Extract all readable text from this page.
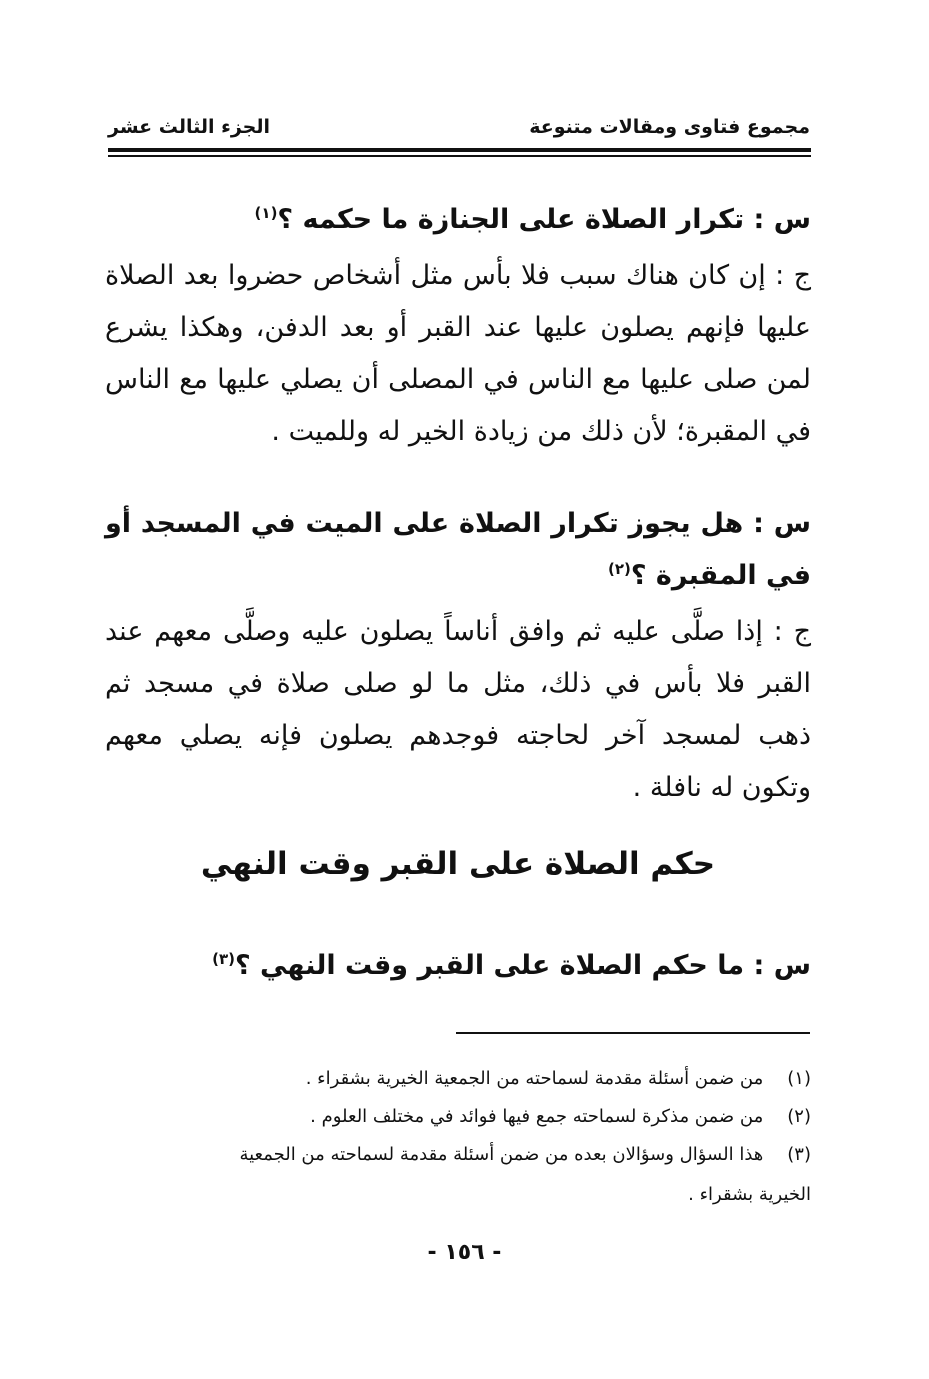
مجموع فتاوى ومقالات متنوعة
الجزء الثالث عشر
س : تكرار الصلاة على الجنازة ما حكمه ؟$^{(١)}$
ج : إن كان هناك سبب فلا بأس مثل أشخاص حضروا بعد الصلاة عليها فإنهم يصلون عليها عند القبر أو بعد الدفن، وهكذا يشرع لمن صلى عليها مع الناس في المصلى أن يصلي عليها مع الناس في المقبرة؛ لأن ذلك من زيادة الخير له وللميت .
س : هل يجوز تكرار الصلاة على الميت في المسجد أو في المقبرة ؟$^{(٢)}$
ج : إذا صلَّى عليه ثم وافق أناساً يصلون عليه وصلَّى معهم عند القبر فلا بأس في ذلك، مثل ما لو صلى صلاة في مسجد ثم ذهب لمسجد آخر لحاجته فوجدهم يصلون فإنه يصلي معهم وتكون له نافلة .
حكم الصلاة على القبر وقت النهي
س : ما حكم الصلاة على القبر وقت النهي ؟$^{(٣)}$
(١) من ضمن أسئلة مقدمة لسماحته من الجمعية الخيرية بشقراء .
(٢) من ضمن مذكرة لسماحته جمع فيها فوائد في مختلف العلوم .
(٣) هذا السؤال وسؤالان بعده من ضمن أسئلة مقدمة لسماحته من الجمعية
الخيرية بشقراء .
- ١٥٦ -
